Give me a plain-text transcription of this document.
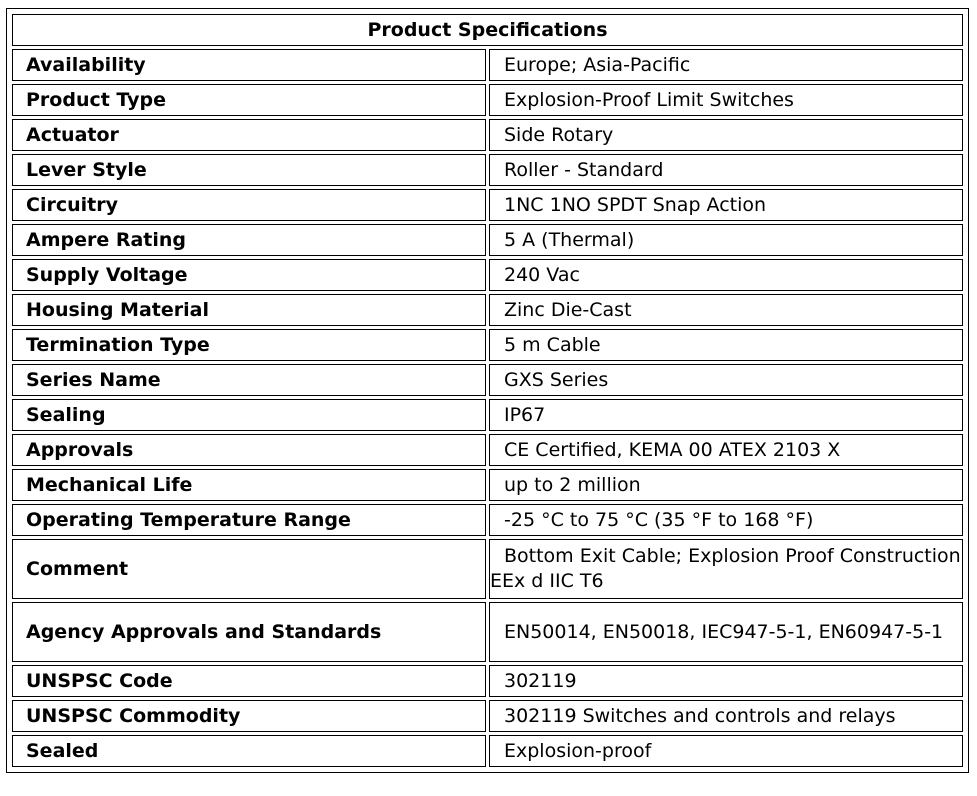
Product Specifications	
Availability	Europe; Asia-Pacific
Product Type	Explosion-Proof Limit Switches
Actuator	Side Rotary
Lever Style	Roller - Standard
Circuitry	1NC 1NO SPDT Snap Action
Ampere Rating	5 A (Thermal)
Supply Voltage	240 Vac
Housing Material	Zinc Die-Cast
Termination Type	5 m Cable
Series Name	GXS Series
Sealing	IP67
Approvals	CE Certified, KEMA 00 ATEX 2103 X
Mechanical Life	up to 2 million
Operating Temperature Range	-25 °C to 75 °C (35 °F to 168 °F)
Comment	Bottom Exit Cable; Explosion Proof Construction EEx d IIC T6
Agency Approvals and Standards	EN50014, EN50018, IEC947-5-1, EN60947-5-1
UNSPSC Code	302119
UNSPSC Commodity	302119 Switches and controls and relays
Sealed	Explosion-proof
